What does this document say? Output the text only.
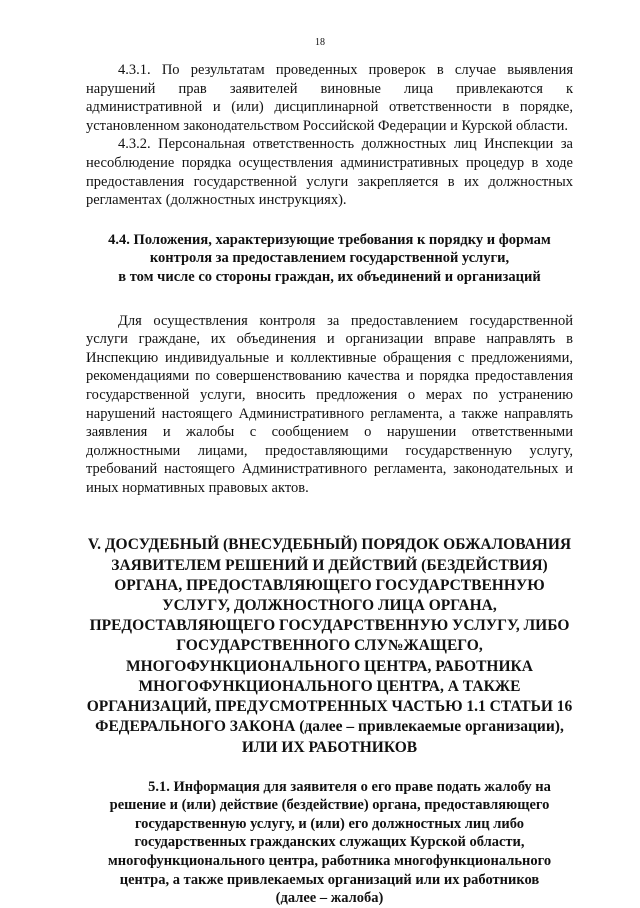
18

4.3.1. По результатам проведенных проверок в случае выявления нарушений прав заявителей виновные лица привлекаются к административной и (или) дисциплинарной ответственности в порядке, установленном законодательством Российской Федерации и Курской области.

4.3.2. Персональная ответственность должностных лиц Инспекции за несоблюдение порядка осуществления административных процедур в ходе предоставления государственной услуги закрепляется в их должностных регламентах (должностных инструкциях).

4.4. Положения, характеризующие требования к порядку и формам
контроля за предоставлением государственной услуги,
в том числе со стороны граждан, их объединений и организаций

Для осуществления контроля за предоставлением государственной услуги граждане, их объединения и организации вправе направлять в Инспекцию индивидуальные и коллективные обращения с предложениями, рекомендациями по совершенствованию качества и порядка предоставления государственной услуги, вносить предложения о мерах по устранению нарушений настоящего Административного регламента, а также направлять заявления и жалобы с сообщением о нарушении ответственными должностными лицами, предоставляющими государственную услугу, требований настоящего Административного регламента, законодательных и иных нормативных правовых актов.

V. ДОСУДЕБНЫЙ (ВНЕСУДЕБНЫЙ) ПОРЯДОК ОБЖАЛОВАНИЯ
ЗАЯВИТЕЛЕМ РЕШЕНИЙ И ДЕЙСТВИЙ (БЕЗДЕЙСТВИЯ)
ОРГАНА, ПРЕДОСТАВЛЯЮЩЕГО ГОСУДАРСТВЕННУЮ
УСЛУГУ, ДОЛЖНОСТНОГО ЛИЦА ОРГАНА,
ПРЕДОСТАВЛЯЮЩЕГО ГОСУДАРСТВЕННУЮ УСЛУГУ, ЛИБО
ГОСУДАРСТВЕННОГО СЛУ№ЖАЩЕГО,
МНОГОФУНКЦИОНАЛЬНОГО ЦЕНТРА, РАБОТНИКА
МНОГОФУНКЦИОНАЛЬНОГО ЦЕНТРА, А ТАКЖЕ
ОРГАНИЗАЦИЙ, ПРЕДУСМОТРЕННЫХ ЧАСТЬЮ 1.1 СТАТЬИ 16
ФЕДЕРАЛЬНОГО ЗАКОНА (далее – привлекаемые организации),
ИЛИ ИХ РАБОТНИКОВ
5.1. Информация для заявителя о его праве подать жалобу на
решение и (или) действие (бездействие) органа, предоставляющего
государственную услугу, и (или) его должностных лиц либо
государственных гражданских служащих Курской области,
многофункционального центра, работника многофункционального
центра, а также привлекаемых организаций или их работников
(далее – жалоба)
